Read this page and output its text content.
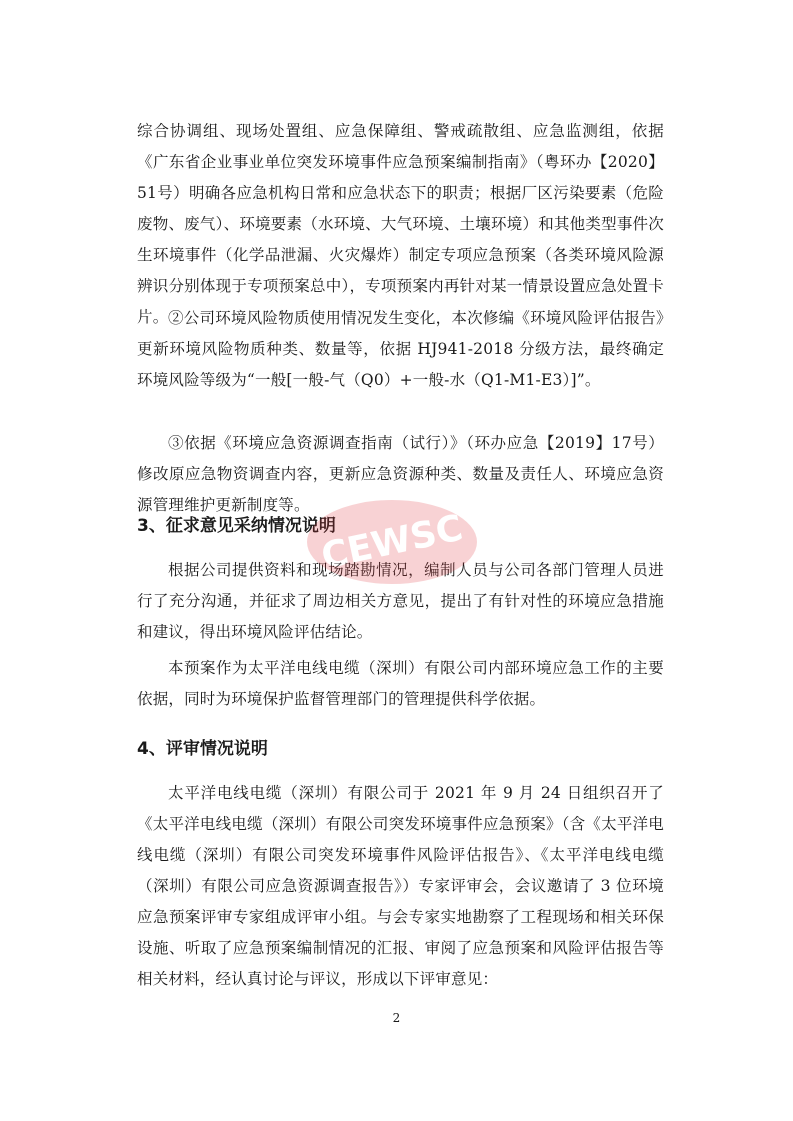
综合协调组、现场处置组、应急保障组、警戒疏散组、应急监测组，依据《广东省企业事业单位突发环境事件应急预案编制指南》（粤环办【2020】51号）明确各应急机构日常和应急状态下的职责；根据厂区污染要素（危险废物、废气）、环境要素（水环境、大气环境、土壤环境）和其他类型事件次生环境事件（化学品泄漏、火灾爆炸）制定专项应急预案（各类环境风险源辨识分别体现于专项预案总中），专项预案内再针对某一情景设置应急处置卡片。 ②公司环境风险物质使用情况发生变化，本次修编《环境风险评估报告》更新环境风险物质种类、数量等，依据 HJ941-2018 分级方法，最终确定环境风险等级为“一般[一般-气（Q0）+一般-水（Q1-M1-E3）]”。

③依据《环境应急资源调查指南（试行）》（环办应急【2019】17号）修改原应急物资调查内容，更新应急资源种类、数量及责任人、环境应急资源管理维护更新制度等。

3、征求意见采纳情况说明

根据公司提供资料和现场踏勘情况，编制人员与公司各部门管理人员进行了充分沟通，并征求了周边相关方意见，提出了有针对性的环境应急措施和建议，得出环境风险评估结论。

本预案作为太平洋电线电缆（深圳）有限公司内部环境应急工作的主要依据，同时为环境保护监督管理部门的管理提供科学依据。

4、评审情况说明

太平洋电线电缆（深圳）有限公司于 2021 年 9 月 24 日组织召开了《太平洋电线电缆（深圳）有限公司突发环境事件应急预案》（含《太平洋电线电缆（深圳）有限公司突发环境事件风险评估报告》、《太平洋电线电缆（深圳）有限公司应急资源调查报告》）专家评审会，会议邀请了 3 位环境应急预案评审专家组成评审小组。与会专家实地勘察了工程现场和相关环保设施、听取了应急预案编制情况的汇报、审阅了应急预案和风险评估报告等相关材料，经认真讨论与评议，形成以下评审意见：

CEWSC
2
